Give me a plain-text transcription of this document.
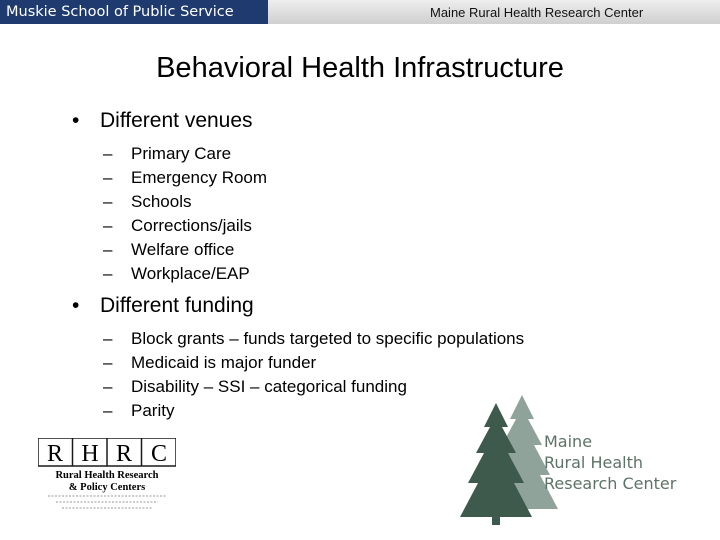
Muskie School of Public Service	Maine Rural Health Research Center
Behavioral Health Infrastructure
• Different venues
– Primary Care
– Emergency Room
– Schools
– Corrections/jails
– Welfare office
– Workplace/EAP
• Different funding
– Block grants – funds targeted to specific populations
– Medicaid is major funder
– Disability – SSI – categorical funding
– Parity
R H R C
Rural Health Research
& Policy Centers
Maine
Rural Health
Research Center
